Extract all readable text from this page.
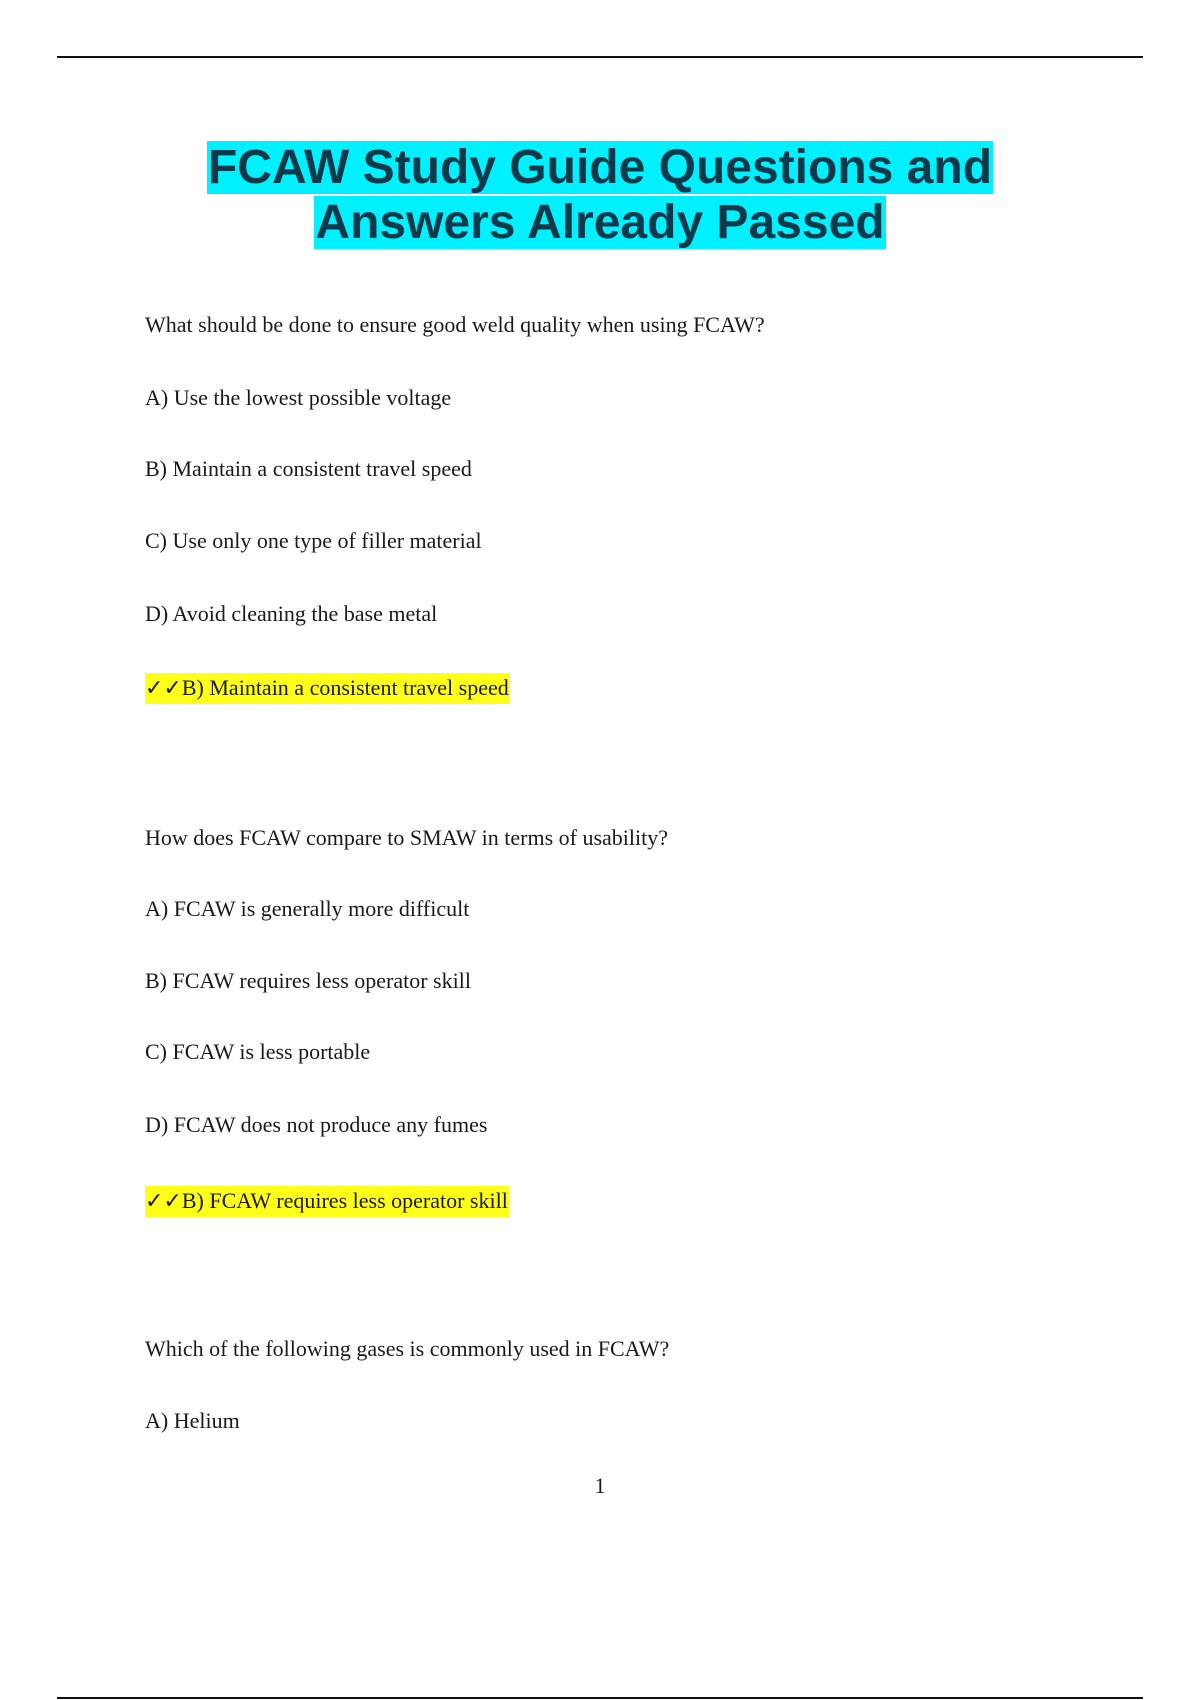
FCAW Study Guide Questions and
Answers Already Passed
What should be done to ensure good weld quality when using FCAW?
A) Use the lowest possible voltage
B) Maintain a consistent travel speed
C) Use only one type of filler material
D) Avoid cleaning the base metal
✓✓B) Maintain a consistent travel speed
How does FCAW compare to SMAW in terms of usability?
A) FCAW is generally more difficult
B) FCAW requires less operator skill
C) FCAW is less portable
D) FCAW does not produce any fumes
✓✓B) FCAW requires less operator skill
Which of the following gases is commonly used in FCAW?
A) Helium
1
